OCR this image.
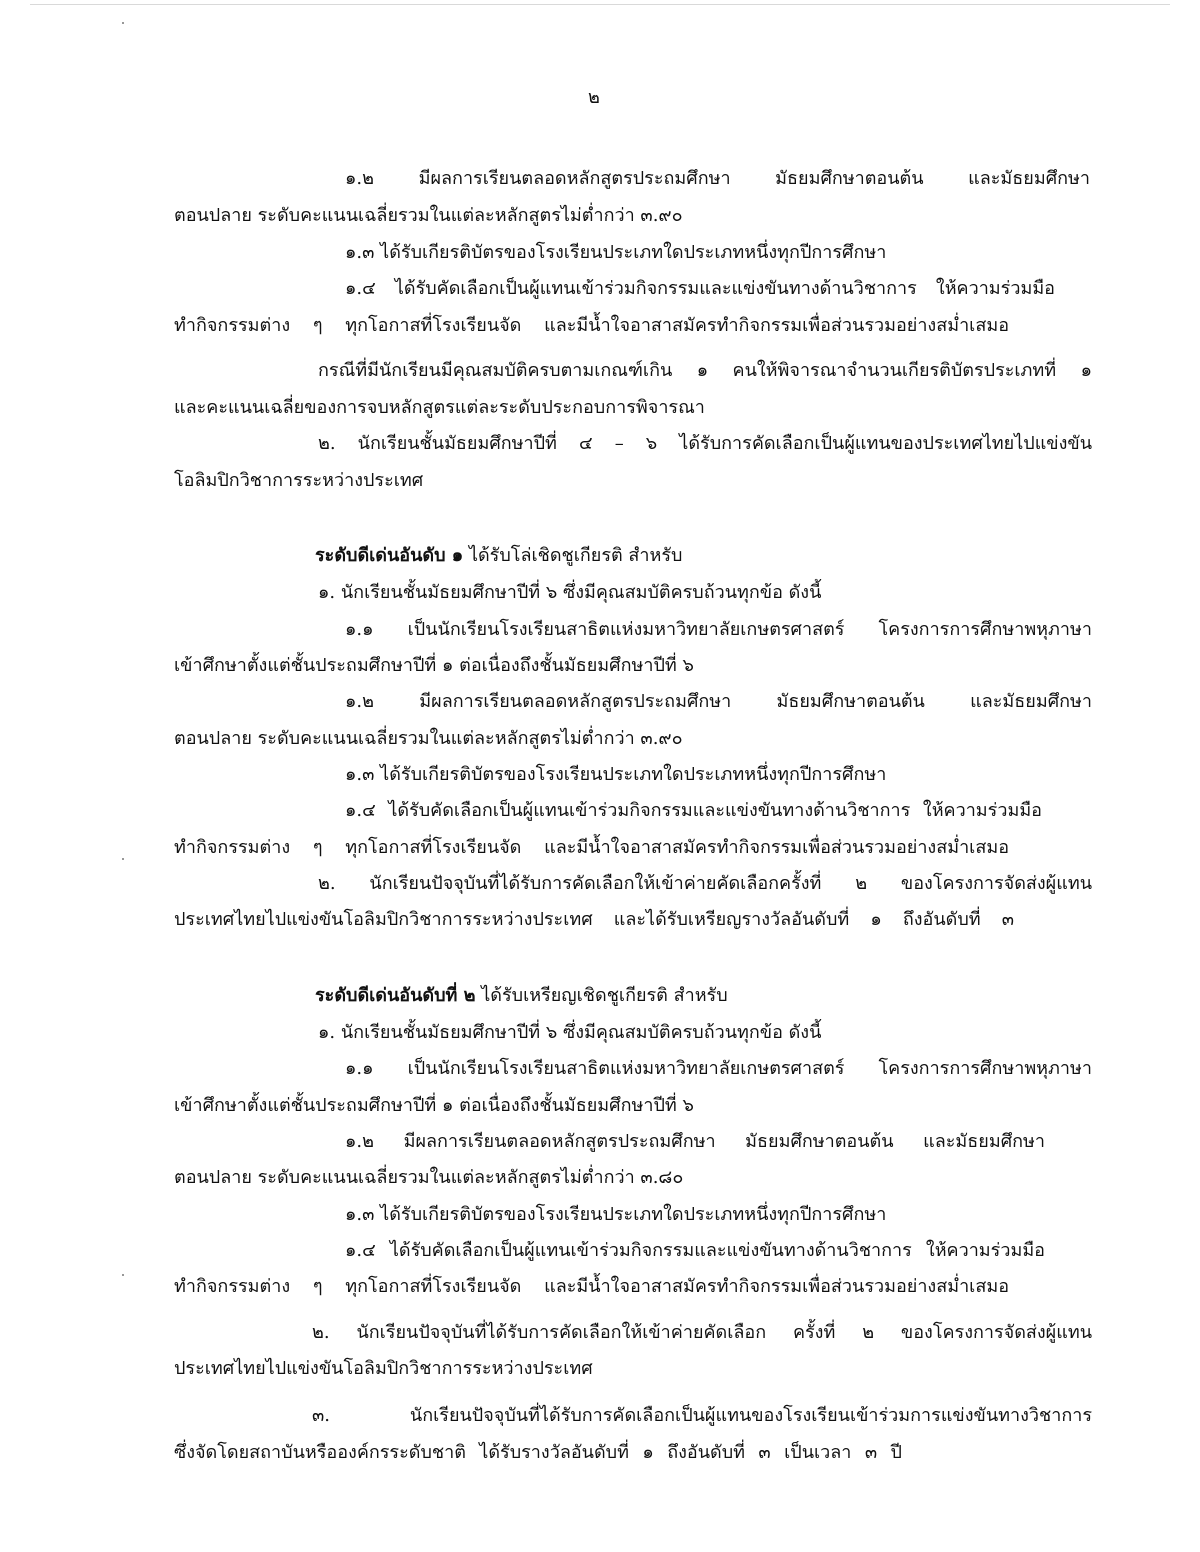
๒
๑.๒ มีผลการเรียนตลอดหลักสูตรประถมศึกษา มัธยมศึกษาตอนต้น และมัธยมศึกษา
ตอนปลาย ระดับคะแนนเฉลี่ยรวมในแต่ละหลักสูตรไม่ต่ำกว่า ๓.๙๐
๑.๓ ได้รับเกียรติบัตรของโรงเรียนประเภทใดประเภทหนึ่งทุกปีการศึกษา
๑.๔ ได้รับคัดเลือกเป็นผู้แทนเข้าร่วมกิจกรรมและแข่งขันทางด้านวิชาการ ให้ความร่วมมือ
ทำกิจกรรมต่าง ๆ ทุกโอกาสที่โรงเรียนจัด และมีน้ำใจอาสาสมัครทำกิจกรรมเพื่อส่วนรวมอย่างสม่ำเสมอ
กรณีที่มีนักเรียนมีคุณสมบัติครบตามเกณฑ์เกิน ๑ คนให้พิจารณาจำนวนเกียรติบัตรประเภทที่ ๑
และคะแนนเฉลี่ยของการจบหลักสูตรแต่ละระดับประกอบการพิจารณา
๒. นักเรียนชั้นมัธยมศึกษาปีที่ ๔ – ๖ ได้รับการคัดเลือกเป็นผู้แทนของประเทศไทยไปแข่งขัน
โอลิมปิกวิชาการระหว่างประเทศ
ระดับดีเด่นอันดับ ๑ ได้รับโล่เชิดชูเกียรติ สำหรับ
๑. นักเรียนชั้นมัธยมศึกษาปีที่ ๖ ซึ่งมีคุณสมบัติครบถ้วนทุกข้อ ดังนี้
๑.๑ เป็นนักเรียนโรงเรียนสาธิตแห่งมหาวิทยาลัยเกษตรศาสตร์ โครงการการศึกษาพหุภาษา
เข้าศึกษาตั้งแต่ชั้นประถมศึกษาปีที่ ๑ ต่อเนื่องถึงชั้นมัธยมศึกษาปีที่ ๖
๑.๒ มีผลการเรียนตลอดหลักสูตรประถมศึกษา มัธยมศึกษาตอนต้น และมัธยมศึกษา
ตอนปลาย ระดับคะแนนเฉลี่ยรวมในแต่ละหลักสูตรไม่ต่ำกว่า ๓.๙๐
๑.๓ ได้รับเกียรติบัตรของโรงเรียนประเภทใดประเภทหนึ่งทุกปีการศึกษา
๑.๔ ได้รับคัดเลือกเป็นผู้แทนเข้าร่วมกิจกรรมและแข่งขันทางด้านวิชาการ ให้ความร่วมมือ
ทำกิจกรรมต่าง ๆ ทุกโอกาสที่โรงเรียนจัด และมีน้ำใจอาสาสมัครทำกิจกรรมเพื่อส่วนรวมอย่างสม่ำเสมอ
๒. นักเรียนปัจจุบันที่ได้รับการคัดเลือกให้เข้าค่ายคัดเลือกครั้งที่ ๒ ของโครงการจัดส่งผู้แทน
ประเทศไทยไปแข่งขันโอลิมปิกวิชาการระหว่างประเทศ และได้รับเหรียญรางวัลอันดับที่ ๑ ถึงอันดับที่ ๓
ระดับดีเด่นอันดับที่ ๒ ได้รับเหรียญเชิดชูเกียรติ สำหรับ
๑. นักเรียนชั้นมัธยมศึกษาปีที่ ๖ ซึ่งมีคุณสมบัติครบถ้วนทุกข้อ ดังนี้
๑.๑ เป็นนักเรียนโรงเรียนสาธิตแห่งมหาวิทยาลัยเกษตรศาสตร์ โครงการการศึกษาพหุภาษา
เข้าศึกษาตั้งแต่ชั้นประถมศึกษาปีที่ ๑ ต่อเนื่องถึงชั้นมัธยมศึกษาปีที่ ๖
๑.๒ มีผลการเรียนตลอดหลักสูตรประถมศึกษา มัธยมศึกษาตอนต้น และมัธยมศึกษา
ตอนปลาย ระดับคะแนนเฉลี่ยรวมในแต่ละหลักสูตรไม่ต่ำกว่า ๓.๘๐
๑.๓ ได้รับเกียรติบัตรของโรงเรียนประเภทใดประเภทหนึ่งทุกปีการศึกษา
๑.๔ ได้รับคัดเลือกเป็นผู้แทนเข้าร่วมกิจกรรมและแข่งขันทางด้านวิชาการ ให้ความร่วมมือ
ทำกิจกรรมต่าง ๆ ทุกโอกาสที่โรงเรียนจัด และมีน้ำใจอาสาสมัครทำกิจกรรมเพื่อส่วนรวมอย่างสม่ำเสมอ
๒. นักเรียนปัจจุบันที่ได้รับการคัดเลือกให้เข้าค่ายคัดเลือก ครั้งที่ ๒ ของโครงการจัดส่งผู้แทน
ประเทศไทยไปแข่งขันโอลิมปิกวิชาการระหว่างประเทศ
๓. นักเรียนปัจจุบันที่ได้รับการคัดเลือกเป็นผู้แทนของโรงเรียนเข้าร่วมการแข่งขันทางวิชาการ
ซึ่งจัดโดยสถาบันหรือองค์กรระดับชาติ ได้รับรางวัลอันดับที่ ๑ ถึงอันดับที่ ๓ เป็นเวลา ๓ ปี
